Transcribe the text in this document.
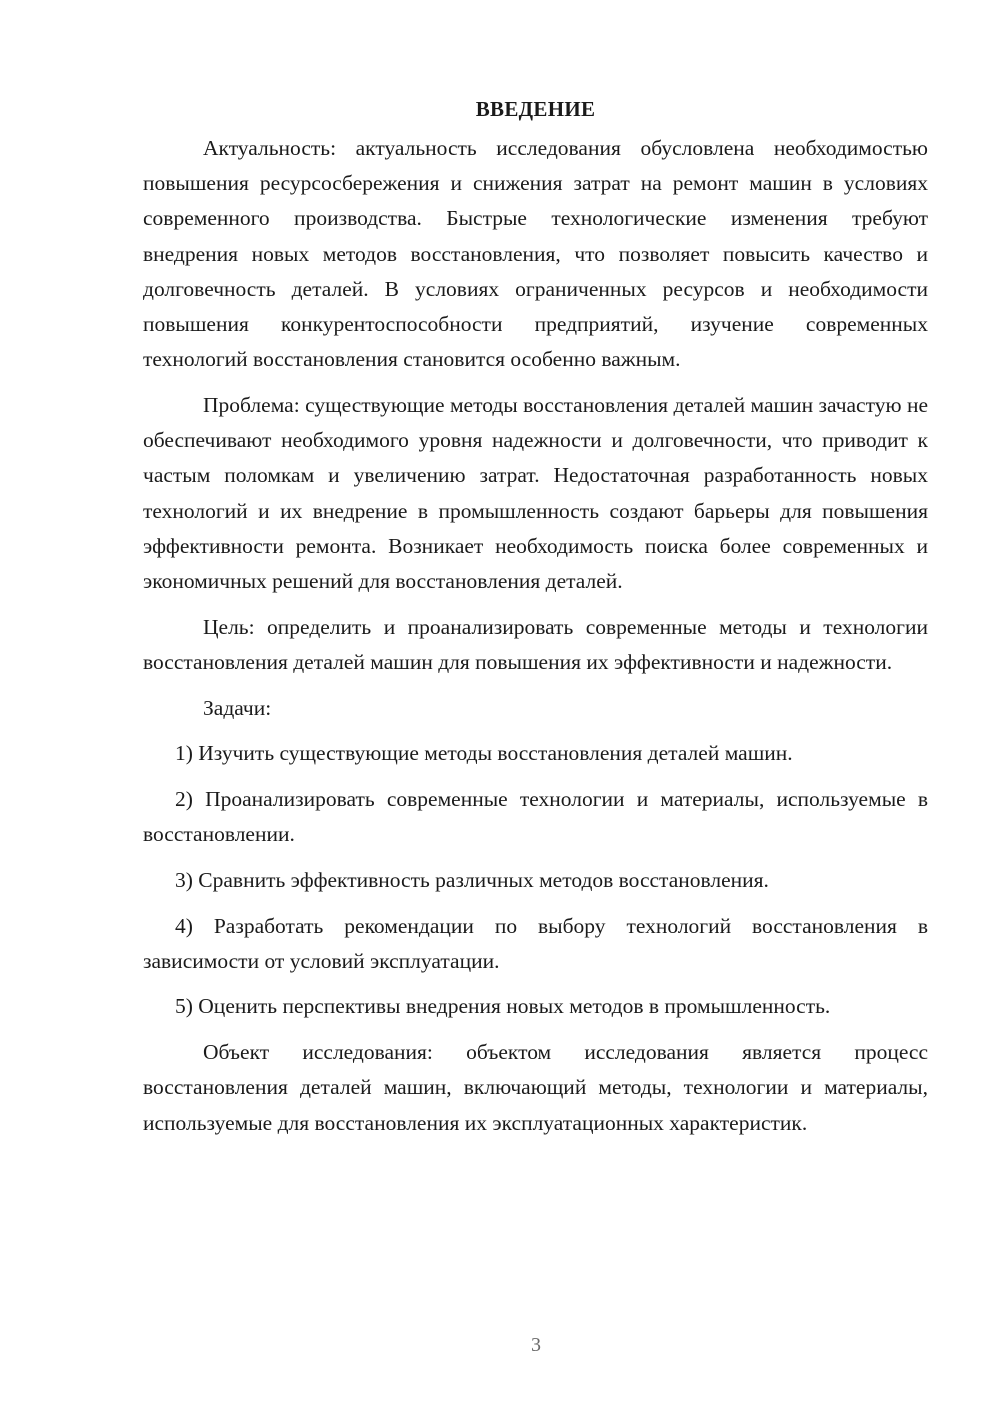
ВВЕДЕНИЕ

Актуальность: актуальность исследования обусловлена необходимостью повышения ресурсосбережения и снижения затрат на ремонт машин в условиях современного производства. Быстрые технологические изменения требуют внедрения новых методов восстановления, что позволяет повысить качество и долговечность деталей. В условиях ограниченных ресурсов и необходимости повышения конкурентоспособности предприятий, изучение современных технологий восстановления становится особенно важным.

Проблема: существующие методы восстановления деталей машин зачастую не обеспечивают необходимого уровня надежности и долговечности, что приводит к частым поломкам и увеличению затрат. Недостаточная разработанность новых технологий и их внедрение в промышленность создают барьеры для повышения эффективности ремонта. Возникает необходимость поиска более современных и экономичных решений для восстановления деталей.

Цель: определить и проанализировать современные методы и технологии восстановления деталей машин для повышения их эффективности и надежности.

Задачи:

1) Изучить существующие методы восстановления деталей машин.

2) Проанализировать современные технологии и материалы, используемые в восстановлении.

3) Сравнить эффективность различных методов восстановления.

4) Разработать рекомендации по выбору технологий восстановления в зависимости от условий эксплуатации.

5) Оценить перспективы внедрения новых методов в промышленность.

Объект исследования: объектом исследования является процесс восстановления деталей машин, включающий методы, технологии и материалы, используемые для восстановления их эксплуатационных характеристик.

3
